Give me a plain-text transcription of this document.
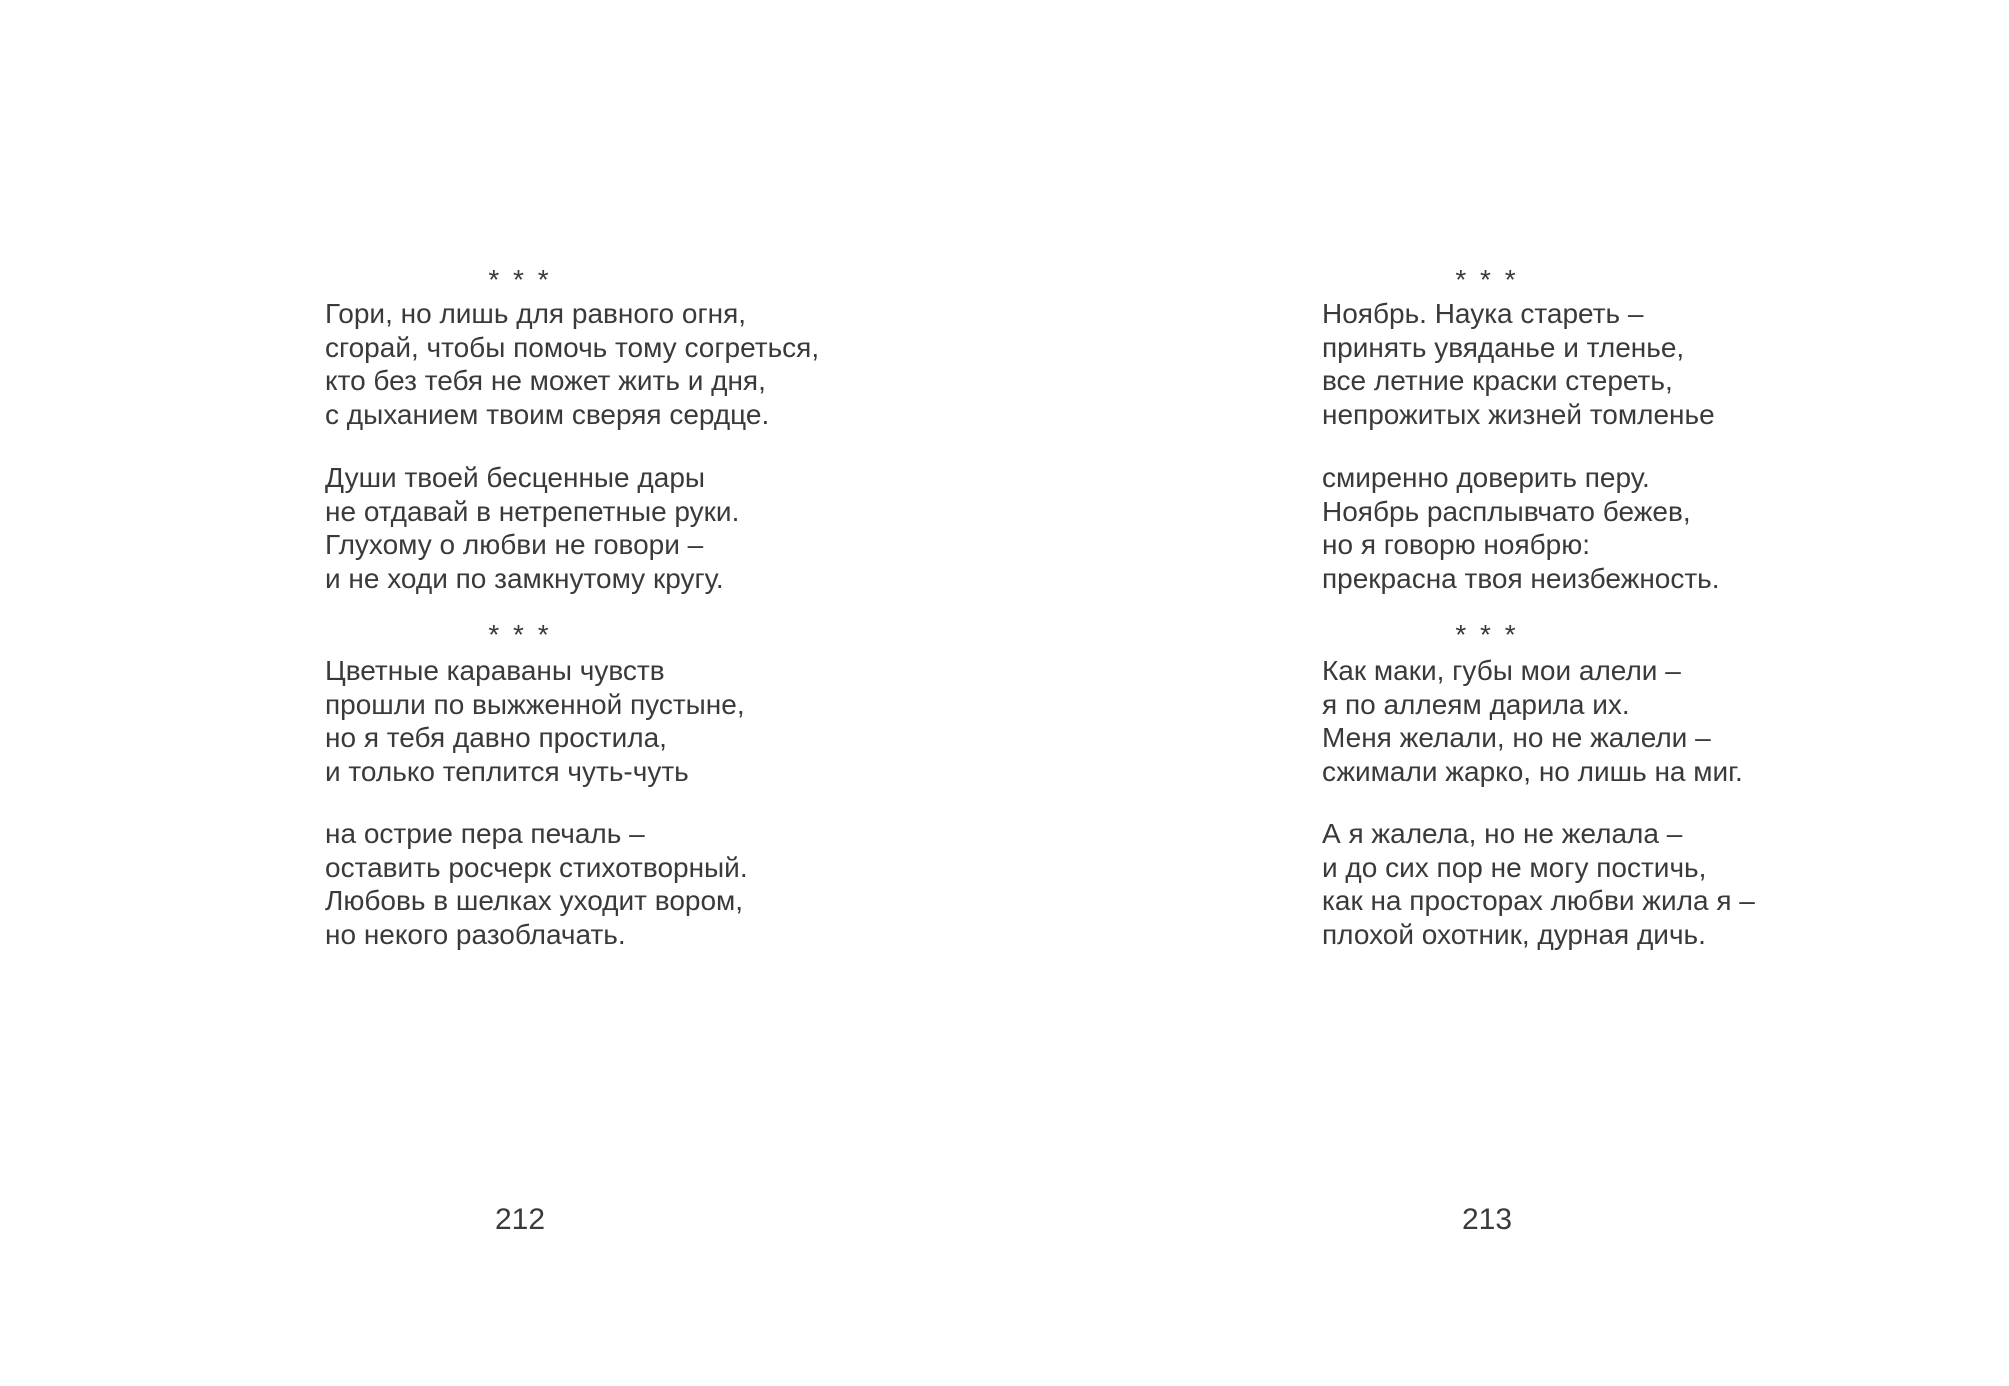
* * *
Гори, но лишь для равного огня,
сгорай, чтобы помочь тому согреться,
кто без тебя не может жить и дня,
с дыханием твоим сверяя сердце.
Души твоей бесценные дары
не отдавай в нетрепетные руки.
Глухому о любви не говори –
и не ходи по замкнутому кругу.
* * *
Цветные караваны чувств
прошли по выжженной пустыне,
но я тебя давно простила,
и только теплится чуть-чуть
на острие пера печаль –
оставить росчерк стихотворный.
Любовь в шелках уходит вором,
но некого разоблачать.
212
* * *
Ноябрь. Наука стареть –
принять увяданье и тленье,
все летние краски стереть,
непрожитых жизней томленье
смиренно доверить перу.
Ноябрь расплывчато бежев,
но я говорю ноябрю:
прекрасна твоя неизбежность.
* * *
Как маки, губы мои алели –
я по аллеям дарила их.
Меня желали, но не жалели –
сжимали жарко, но лишь на миг.
А я жалела, но не желала –
и до сих пор не могу постичь,
как на просторах любви жила я –
плохой охотник, дурная дичь.
213
